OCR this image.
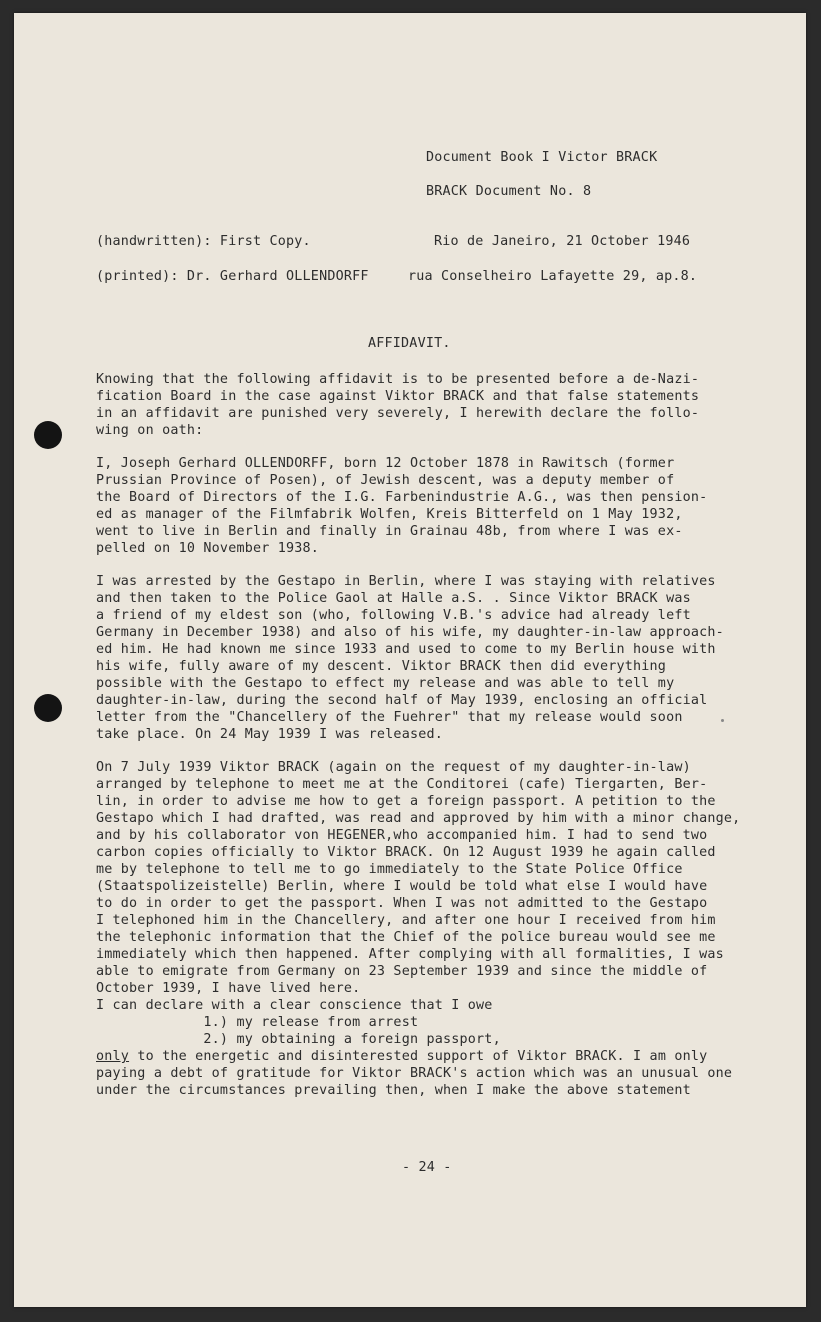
Document Book I Victor BRACK
BRACK Document No. 8
(handwritten): First Copy.	Rio de Janeiro, 21 October 1946
(printed): Dr. Gerhard OLLENDORFF	rua Conselheiro Lafayette 29, ap.8.
AFFIDAVIT.
Knowing that the following affidavit is to be presented before a de-Nazi-
fication Board in the case against Viktor BRACK and that false statements
in an affidavit are punished very severely, I herewith declare the follo-
wing on oath:
I, Joseph Gerhard OLLENDORFF, born 12 October 1878 in Rawitsch (former
Prussian Province of Posen), of Jewish descent, was a deputy member of
the Board of Directors of the I.G. Farbenindustrie A.G., was then pension-
ed as manager of the Filmfabrik Wolfen, Kreis Bitterfeld on 1 May 1932,
went to live in Berlin and finally in Grainau 48b, from where I was ex-
pelled on 10 November 1938.
I was arrested by the Gestapo in Berlin, where I was staying with relatives
and then taken to the Police Gaol at Halle a.S. . Since Viktor BRACK was
a friend of my eldest son (who, following V.B.'s advice had already left
Germany in December 1938) and also of his wife, my daughter-in-law approach-
ed him. He had known me since 1933 and used to come to my Berlin house with
his wife, fully aware of my descent. Viktor BRACK then did everything
possible with the Gestapo to effect my release and was able to tell my
daughter-in-law, during the second half of May 1939, enclosing an official
letter from the "Chancellery of the Fuehrer" that my release would soon
take place. On 24 May 1939 I was released.
On 7 July 1939 Viktor BRACK (again on the request of my daughter-in-law)
arranged by telephone to meet me at the Conditorei (cafe) Tiergarten, Ber-
lin, in order to advise me how to get a foreign passport. A petition to the
Gestapo which I had drafted, was read and approved by him with a minor change,
and by his collaborator von HEGENER,who accompanied him. I had to send two
carbon copies officially to Viktor BRACK. On 12 August 1939 he again called
me by telephone to tell me to go immediately to the State Police Office
(Staatspolizeistelle) Berlin, where I would be told what else I would have
to do in order to get the passport. When I was not admitted to the Gestapo
I telephoned him in the Chancellery, and after one hour I received from him
the telephonic information that the Chief of the police bureau would see me
immediately which then happened. After complying with all formalities, I was
able to emigrate from Germany on 23 September 1939 and since the middle of
October 1939, I have lived here.
I can declare with a clear conscience that I owe
1.) my release from arrest
2.) my obtaining a foreign passport,
only to the energetic and disinterested support of Viktor BRACK. I am only
paying a debt of gratitude for Viktor BRACK's action which was an unusual one
under the circumstances prevailing then, when I make the above statement
- 24 -
